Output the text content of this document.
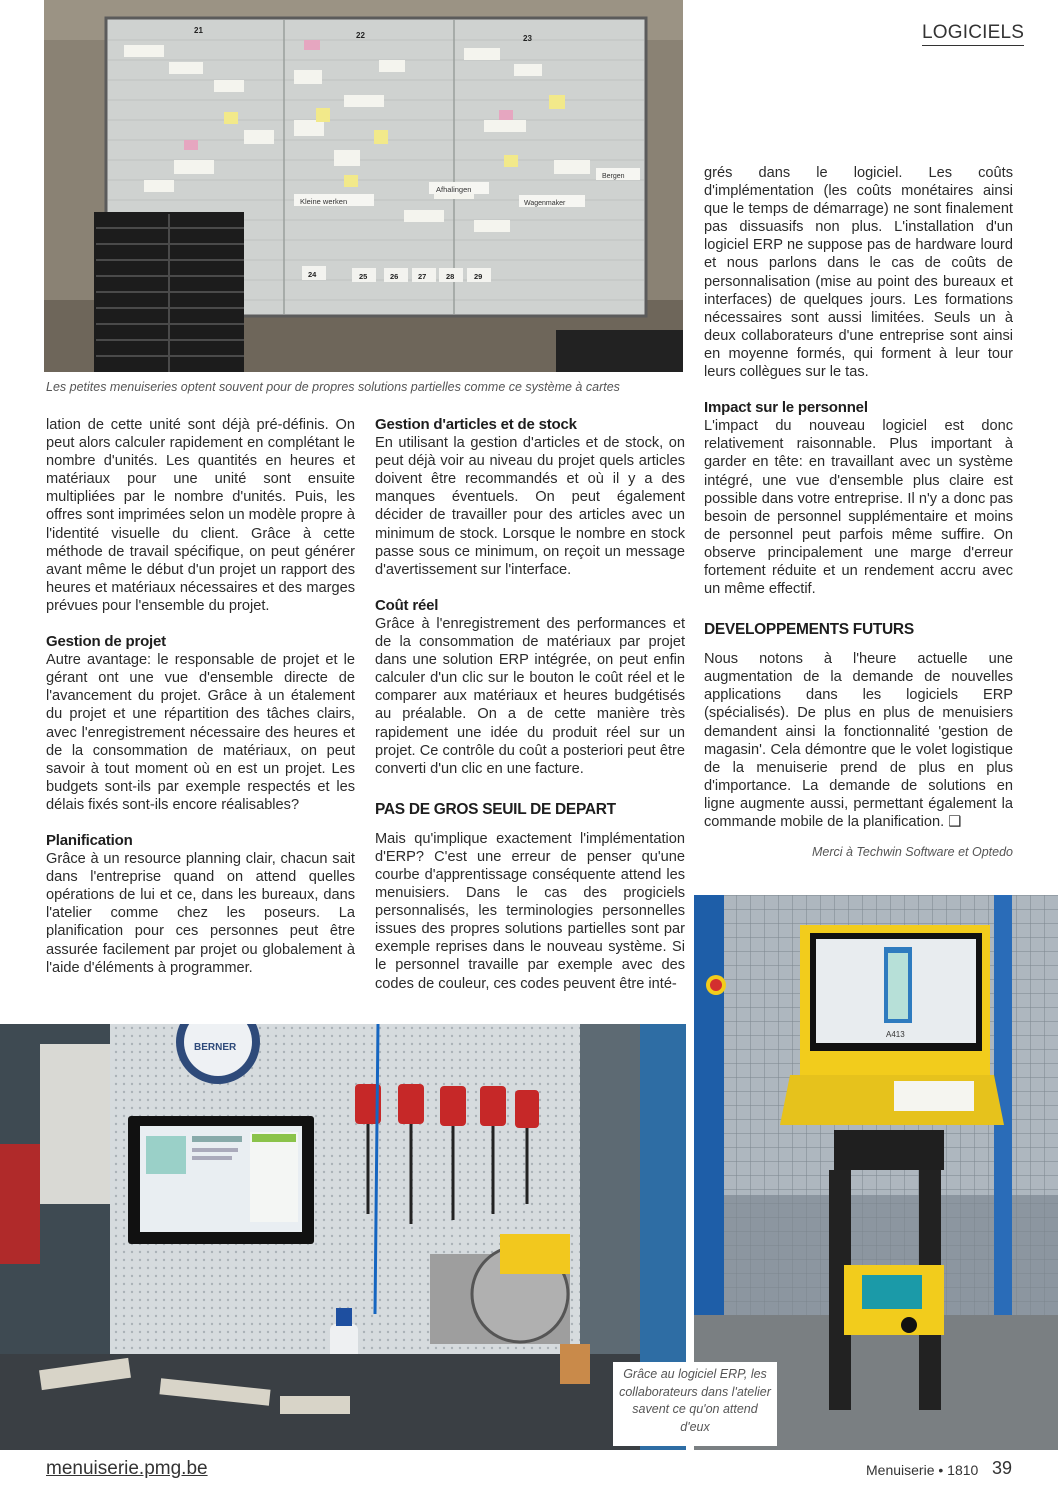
LOGICIELS
Kleine werken
Afhalingen
Wagenmaker
Bergen
21
22	23
24	25	26	27	28	29
Les petites menuiseries optent souvent pour de propres solutions partielles comme ce système à cartes

lation de cette unité sont déjà pré-définis. On peut alors calculer rapidement en complétant le nombre d'unités. Les quantités en heures et matériaux pour une unité sont ensuite multipliées par le nombre d'unités. Puis, les offres sont imprimées selon un modèle propre à l'identité visuelle du client. Grâce à cette méthode de travail spécifique, on peut générer avant même le début d'un projet un rapport des heures et matériaux nécessaires et des marges prévues pour l'ensemble du projet.

Gestion de projet

Autre avantage: le responsable de projet et le gérant ont une vue d'ensemble directe de l'avancement du projet. Grâce à un étalement du projet et une répartition des tâches clairs, avec l'enregistrement nécessaire des heures et de la consommation de matériaux, on peut savoir à tout moment où en est un projet. Les budgets sont-ils par exemple respectés et les délais fixés sont-ils encore réalisables?

Planification

Grâce à un resource planning clair, chacun sait dans l'entreprise quand on attend quelles opérations de lui et ce, dans les bureaux, dans l'atelier comme chez les poseurs. La planification pour ces personnes peut être assurée facilement par projet ou globalement à l'aide d'éléments à programmer.

Gestion d'articles et de stock

En utilisant la gestion d'articles et de stock, on peut déjà voir au niveau du projet quels articles doivent être recommandés et où il y a des manques éventuels. On peut également décider de travailler pour des articles avec un minimum de stock. Lorsque le nombre en stock passe sous ce minimum, on reçoit un message d'avertissement sur l'interface.

Coût réel

Grâce à l'enregistrement des performances et de la consommation de matériaux par projet dans une solution ERP intégrée, on peut enfin calculer d'un clic sur le bouton le coût réel et le comparer aux matériaux et heures budgétisés au préalable. On a de cette manière très rapidement une idée du produit réel sur un projet. Ce contrôle du coût a posteriori peut être converti d'un clic en une facture.

PAS DE GROS SEUIL DE DEPART

Mais qu'implique exactement l'implémentation d'ERP? C'est une erreur de penser qu'une courbe d'apprentissage conséquente attend les menuisiers. Dans le cas des progiciels personnalisés, les terminologies personnelles issues des propres solutions partielles sont par exemple reprises dans le nouveau système. Si le personnel travaille par exemple avec des codes de couleur, ces codes peuvent être inté-

grés dans le logiciel. Les coûts d'implémentation (les coûts monétaires ainsi que le temps de démarrage) ne sont finalement pas dissuasifs non plus. L'installation d'un logiciel ERP ne suppose pas de hardware lourd et nous parlons dans le cas de coûts de personnalisation (mise au point des bureaux et interfaces) de quelques jours. Les formations nécessaires sont aussi limitées. Seuls un à deux collaborateurs d'une entreprise sont ainsi en moyenne formés, qui forment à leur tour leurs collègues sur le tas.

Impact sur le personnel

L'impact du nouveau logiciel est donc relativement raisonnable. Plus important à garder en tête: en travaillant avec un système intégré, une vue d'ensemble plus claire est possible dans votre entreprise. Il n'y a donc pas besoin de personnel supplémentaire et moins de personnel peut parfois même suffire. On observe principalement une marge d'erreur fortement réduite et un rendement accru avec un même effectif.

DEVELOPPEMENTS FUTURS

Nous notons à l'heure actuelle une augmentation de la demande de nouvelles applications dans les logiciels ERP (spécialisés). De plus en plus de menuisiers demandent ainsi la fonctionnalité 'gestion de magasin'. Cela démontre que le volet logistique de la menuiserie prend de plus en plus d'importance. La demande de solutions en ligne augmente aussi, permettant également la commande mobile de la planification. ❑

Merci à Techwin Software et Optedo

BERNER
A413
Grâce au logiciel ERP, les collaborateurs dans l'atelier savent ce qu'on attend d'eux
menuiserie.pmg.be	Menuiserie • 1810 39
